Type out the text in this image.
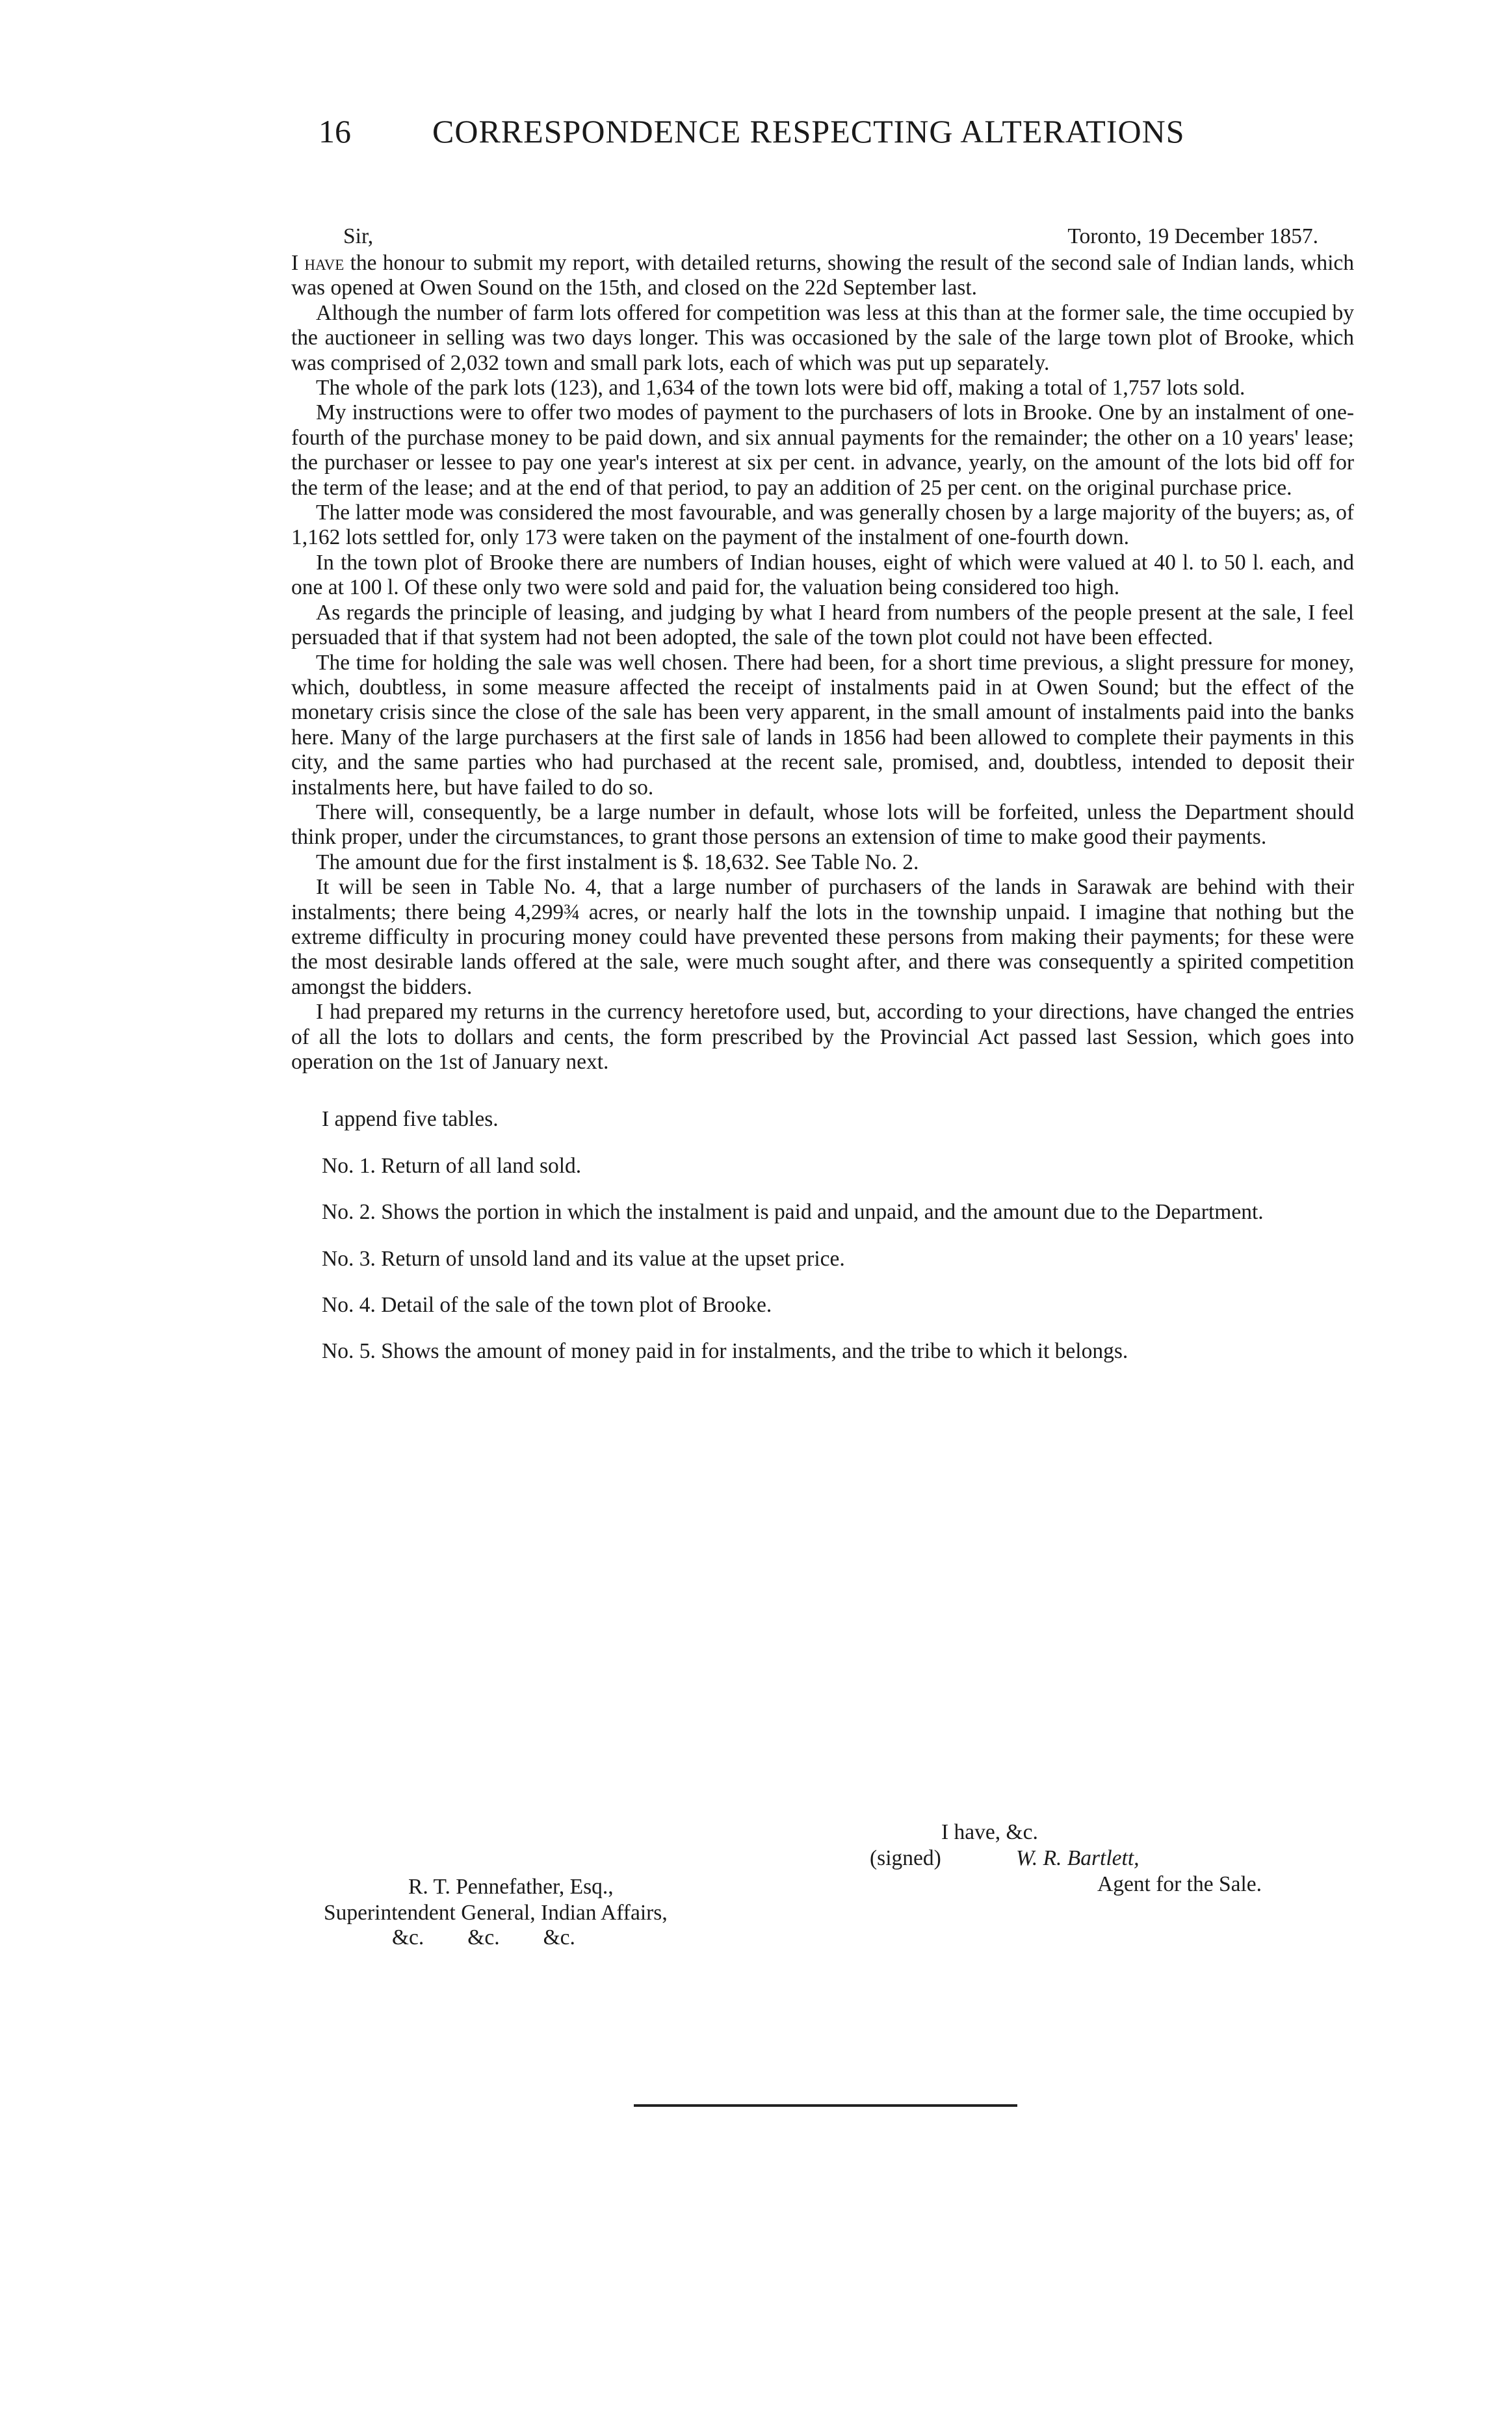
16	CORRESPONDENCE RESPECTING ALTERATIONS
Sir,	Toronto, 19 December 1857.

I have the honour to submit my report, with detailed returns, showing the result of the second sale of Indian lands, which was opened at Owen Sound on the 15th, and closed on the 22d September last.

Although the number of farm lots offered for competition was less at this than at the former sale, the time occupied by the auctioneer in selling was two days longer. This was occasioned by the sale of the large town plot of Brooke, which was comprised of 2,032 town and small park lots, each of which was put up separately.

The whole of the park lots (123), and 1,634 of the town lots were bid off, making a total of 1,757 lots sold.

My instructions were to offer two modes of payment to the purchasers of lots in Brooke. One by an instalment of one-fourth of the purchase money to be paid down, and six annual payments for the remainder; the other on a 10 years' lease; the purchaser or lessee to pay one year's interest at six per cent. in advance, yearly, on the amount of the lots bid off for the term of the lease; and at the end of that period, to pay an addition of 25 per cent. on the original purchase price.

The latter mode was considered the most favourable, and was generally chosen by a large majority of the buyers; as, of 1,162 lots settled for, only 173 were taken on the payment of the instalment of one-fourth down.

In the town plot of Brooke there are numbers of Indian houses, eight of which were valued at 40 l. to 50 l. each, and one at 100 l. Of these only two were sold and paid for, the valuation being considered too high.

As regards the principle of leasing, and judging by what I heard from numbers of the people present at the sale, I feel persuaded that if that system had not been adopted, the sale of the town plot could not have been effected.

The time for holding the sale was well chosen. There had been, for a short time previous, a slight pressure for money, which, doubtless, in some measure affected the receipt of instalments paid in at Owen Sound; but the effect of the monetary crisis since the close of the sale has been very apparent, in the small amount of instalments paid into the banks here. Many of the large purchasers at the first sale of lands in 1856 had been allowed to complete their payments in this city, and the same parties who had purchased at the recent sale, promised, and, doubtless, intended to deposit their instalments here, but have failed to do so.

There will, consequently, be a large number in default, whose lots will be forfeited, unless the Department should think proper, under the circumstances, to grant those persons an extension of time to make good their payments.

The amount due for the first instalment is $. 18,632. See Table No. 2.

It will be seen in Table No. 4, that a large number of purchasers of the lands in Sarawak are behind with their instalments; there being 4,299¾ acres, or nearly half the lots in the township unpaid. I imagine that nothing but the extreme difficulty in procuring money could have prevented these persons from making their payments; for these were the most desirable lands offered at the sale, were much sought after, and there was consequently a spirited competition amongst the bidders.

I had prepared my returns in the currency heretofore used, but, according to your directions, have changed the entries of all the lots to dollars and cents, the form prescribed by the Provincial Act passed last Session, which goes into operation on the 1st of January next.

I append five tables.

No. 1. Return of all land sold.

No. 2. Shows the portion in which the instalment is paid and unpaid, and the amount due to the Department.

No. 3. Return of unsold land and its value at the upset price.

No. 4. Detail of the sale of the town plot of Brooke.

No. 5. Shows the amount of money paid in for instalments, and the tribe to which it belongs.

I have, &c.
(signed)	W. R. Bartlett,
Agent for the Sale.
R. T. Pennefather, Esq.,
Superintendent General, Indian Affairs,
&c.        &c.        &c.
